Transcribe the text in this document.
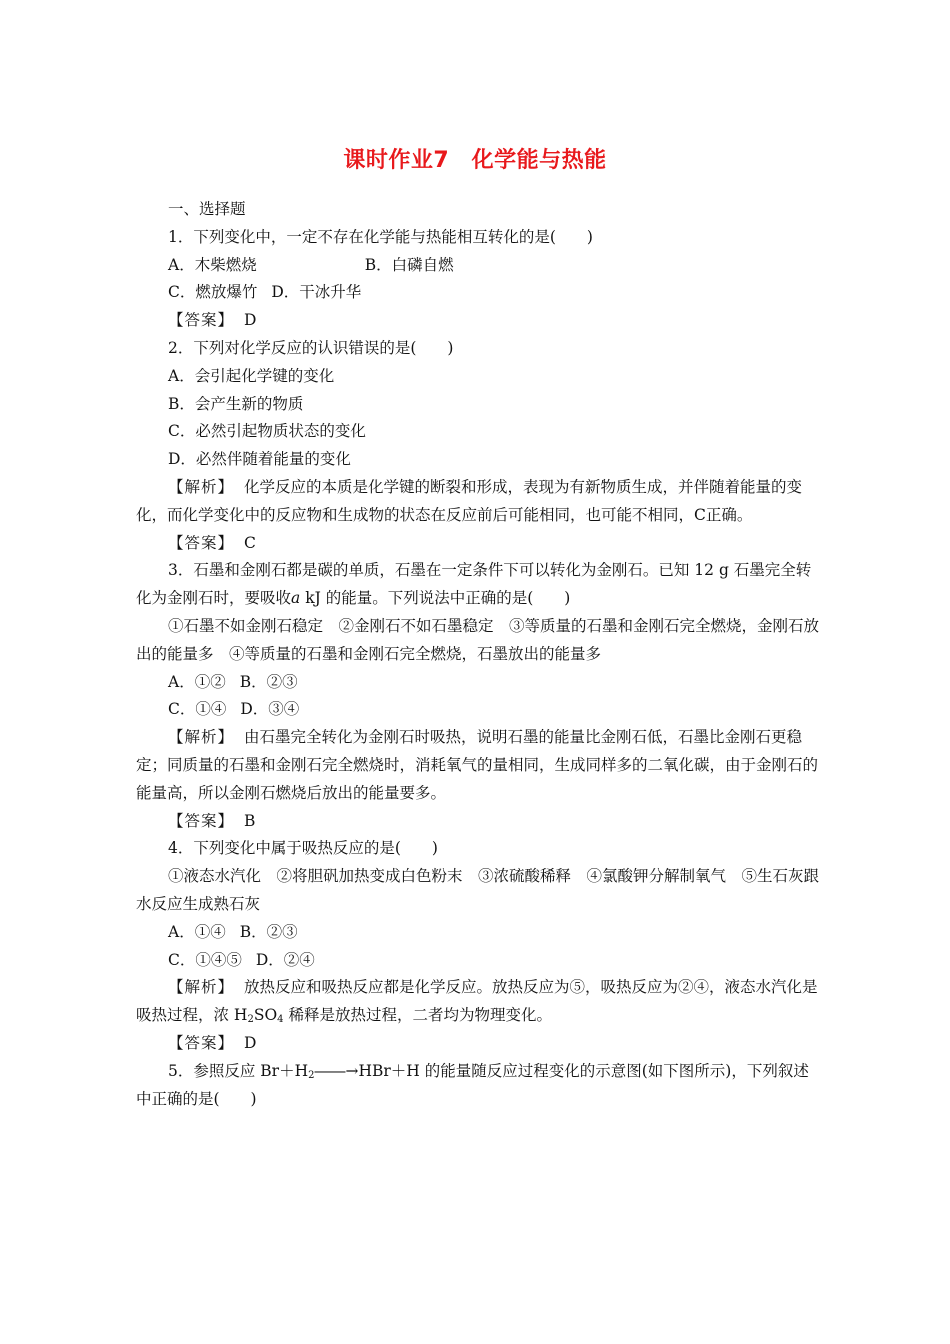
课时作业7　化学能与热能
一、选择题
1．下列变化中，一定不存在化学能与热能相互转化的是(　　)
A．木柴燃烧	B．白磷自燃
C．燃放爆竹 D．干冰升华
【答案】 D
2．下列对化学反应的认识错误的是(　　)
A．会引起化学键的变化
B．会产生新的物质
C．必然引起物质状态的变化
D．必然伴随着能量的变化
【解析】 化学反应的本质是化学键的断裂和形成，表现为有新物质生成，并伴随着能量的变化，而化学变化中的反应物和生成物的状态在反应前后可能相同，也可能不相同，C正确。
【答案】 C
3．石墨和金刚石都是碳的单质，石墨在一定条件下可以转化为金刚石。已知 12 g 石墨完全转化为金刚石时，要吸收a kJ 的能量。下列说法中正确的是(　　)
①石墨不如金刚石稳定　②金刚石不如石墨稳定　③等质量的石墨和金刚石完全燃烧，金刚石放出的能量多　④等质量的石墨和金刚石完全燃烧，石墨放出的能量多
A．①② B．②③
C．①④ D．③④
【解析】 由石墨完全转化为金刚石时吸热，说明石墨的能量比金刚石低，石墨比金刚石更稳定；同质量的石墨和金刚石完全燃烧时，消耗氧气的量相同，生成同样多的二氧化碳，由于金刚石的能量高，所以金刚石燃烧后放出的能量要多。
【答案】 B
4．下列变化中属于吸热反应的是(　　)
①液态水汽化　②将胆矾加热变成白色粉末　③浓硫酸稀释　④氯酸钾分解制氧气　⑤生石灰跟水反应生成熟石灰
A．①④ B．②③
C．①④⑤ D．②④
【解析】 放热反应和吸热反应都是化学反应。放热反应为⑤，吸热反应为②④，液态水汽化是吸热过程，浓 $H_2SO_4$ 稀释是放热过程，二者均为物理变化。
【答案】 D
5．参照反应 $Br+H_2――\to HBr+H$ 的能量随反应过程变化的示意图(如下图所示)，下列叙述中正确的是(　　)
